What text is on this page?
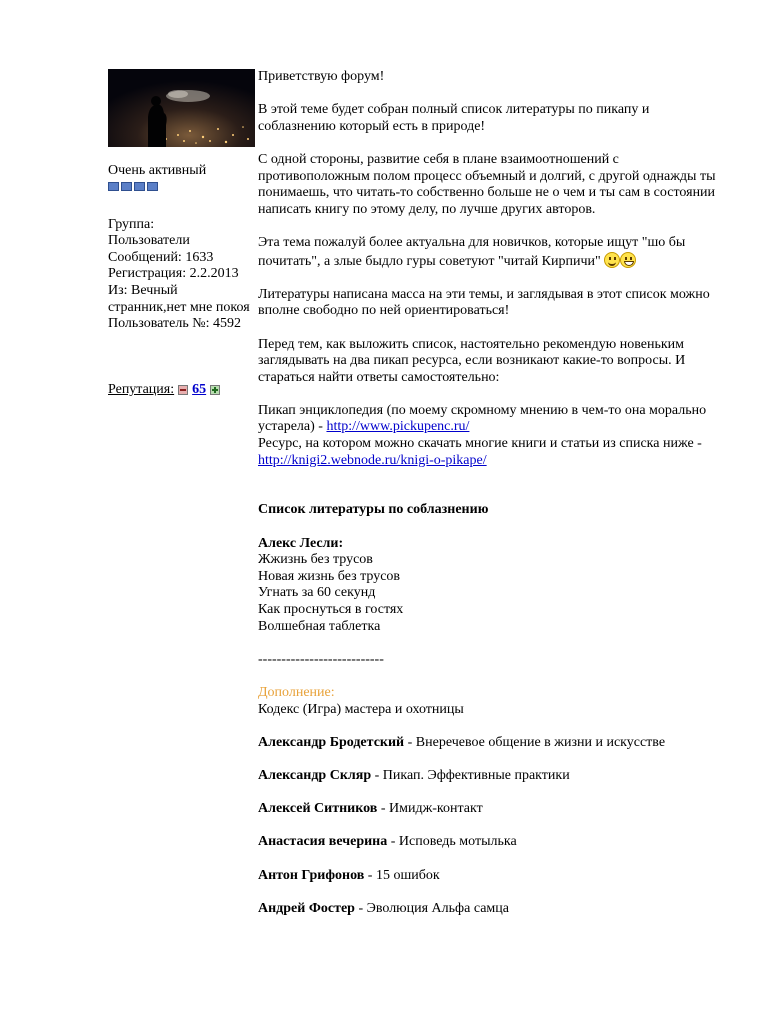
Очень активный
Группа:
Пользователи
Сообщений: 1633
Регистрация: 2.2.2013
Из: Вечный странник,нет мне покоя
Пользователь №: 4592
Репутация: 65

Приветствую форум!

В этой теме будет собран полный список литературы по пикапу и соблазнению который есть в природе!

С одной стороны, развитие себя в плане взаимоотношений с противоположным полом процесс объемный и долгий, с другой однажды ты понимаешь, что читать-то собственно больше не о чем и ты сам в состоянии написать книгу по этому делу, по лучше других авторов.

Эта тема пожалуй более актуальна для новичков, которые ищут "шо бы почитать", а злые быдло гуры советуют "читай Кирпичи"

Литературы написана масса на эти темы, и заглядывая в этот список можно вполне свободно по ней ориентироваться!

Перед тем, как выложить список, настоятельно рекомендую новеньким заглядывать на два пикап ресурса, если возникают какие-то вопросы. И стараться найти ответы самостоятельно:

Пикап энциклопедия (по моему скромному мнению в чем-то она морально устарела) - http://www.pickupenc.ru/
Ресурс, на котором можно скачать многие книги и статьи из списка ниже - http://knigi2.webnode.ru/knigi-o-pikape/

Список литературы по соблазнению

Алекс Лесли:
Жжизнь без трусов
Новая жизнь без трусов
Угнать за 60 секунд
Как проснуться в гостях
Волшебная таблетка

---------------------------

Дополнение:

Кодекс (Игра) мастера и охотницы

Александр Бродетский - Внеречевое общение в жизни и искусстве

Александр Скляр - Пикап. Эффективные практики

Алексей Ситников - Имидж-контакт

Анастасия вечерина - Исповедь мотылька

Антон Грифонов - 15 ошибок

Андрей Фостер - Эволюция Альфа самца
